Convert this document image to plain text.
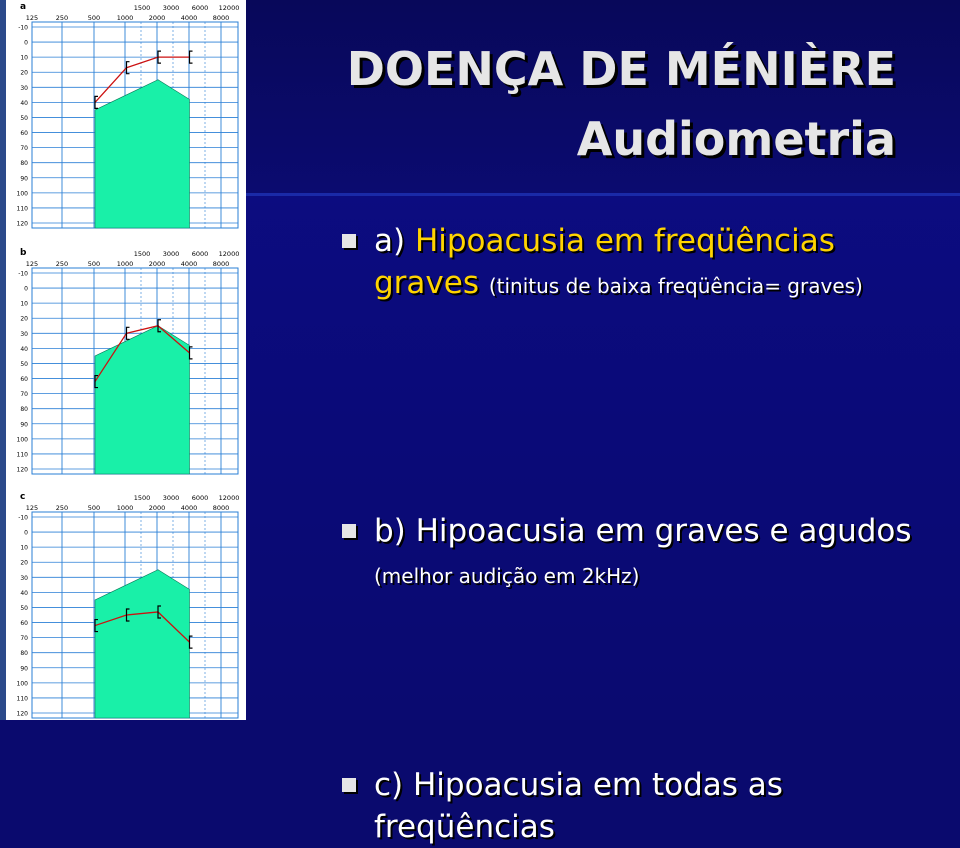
DOENÇA DE MÉNIÈRE
Audiometria
a	1500 3000 6000 12000
125	250	500	1000 2000 4000 8000
-10
0
10
20
30
40
50
60
70
80
90
100
110
120
b	1500 3000 6000 12000
125	250	500	1000 2000 4000 8000
-10
0
10
20
30
40
50
60
70
80
90
100
110
120
c	1500 3000 6000 12000
125	250	500	1000 2000 4000 8000
-10
0
10
20
30
40
50
60
70
80
90
100
110
120
a) Hipoacusia em freqüências graves (tinitus de baixa freqüência= graves)
b) Hipoacusia em graves e agudos (melhor audição em 2kHz)
c) Hipoacusia em todas as freqüências
